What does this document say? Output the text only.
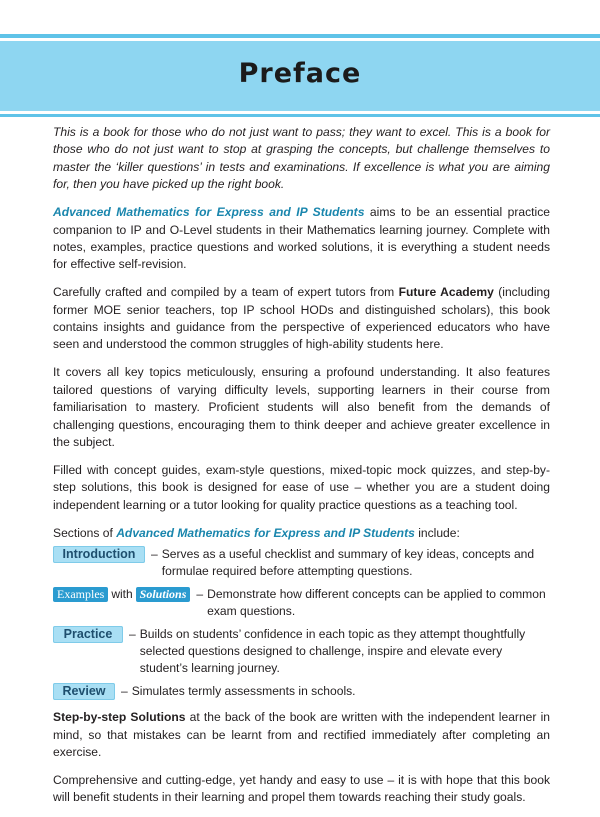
Preface

This is a book for those who do not just want to pass; they want to excel. This is a book for those who do not just want to stop at grasping the concepts, but challenge themselves to master the ‘killer questions’ in tests and examinations. If excellence is what you are aiming for, then you have picked up the right book.

Advanced Mathematics for Express and IP Students aims to be an essential practice companion to IP and O-Level students in their Mathematics learning journey. Complete with notes, examples, practice questions and worked solutions, it is everything a student needs for effective self-revision.

Carefully crafted and compiled by a team of expert tutors from Future Academy (including former MOE senior teachers, top IP school HODs and distinguished scholars), this book contains insights and guidance from the perspective of experienced educators who have seen and understood the common struggles of high-ability students here.

It covers all key topics meticulously, ensuring a profound understanding. It also features tailored questions of varying difficulty levels, supporting learners in their course from familiarisation to mastery. Proficient students will also benefit from the demands of challenging questions, encouraging them to think deeper and achieve greater excellence in the subject.

Filled with concept guides, exam-style questions, mixed-topic mock quizzes, and step-by-step solutions, this book is designed for ease of use – whether you are a student doing independent learning or a tutor looking for quality practice questions as a teaching tool.

Sections of Advanced Mathematics for Express and IP Students include:

Introduction	– Serves as a useful checklist and summary of key ideas, concepts and formulae required before attempting questions.
Examples with Solutions – Demonstrate how different concepts can be applied to common exam questions.
Practice	– Builds on students’ confidence in each topic as they attempt thoughtfully selected questions designed to challenge, inspire and elevate every student’s learning journey.
Review	– Simulates termly assessments in schools.

Step-by-step Solutions at the back of the book are written with the independent learner in mind, so that mistakes can be learnt from and rectified immediately after completing an exercise.

Comprehensive and cutting-edge, yet handy and easy to use – it is with hope that this book will benefit students in their learning and propel them towards reaching their study goals.
